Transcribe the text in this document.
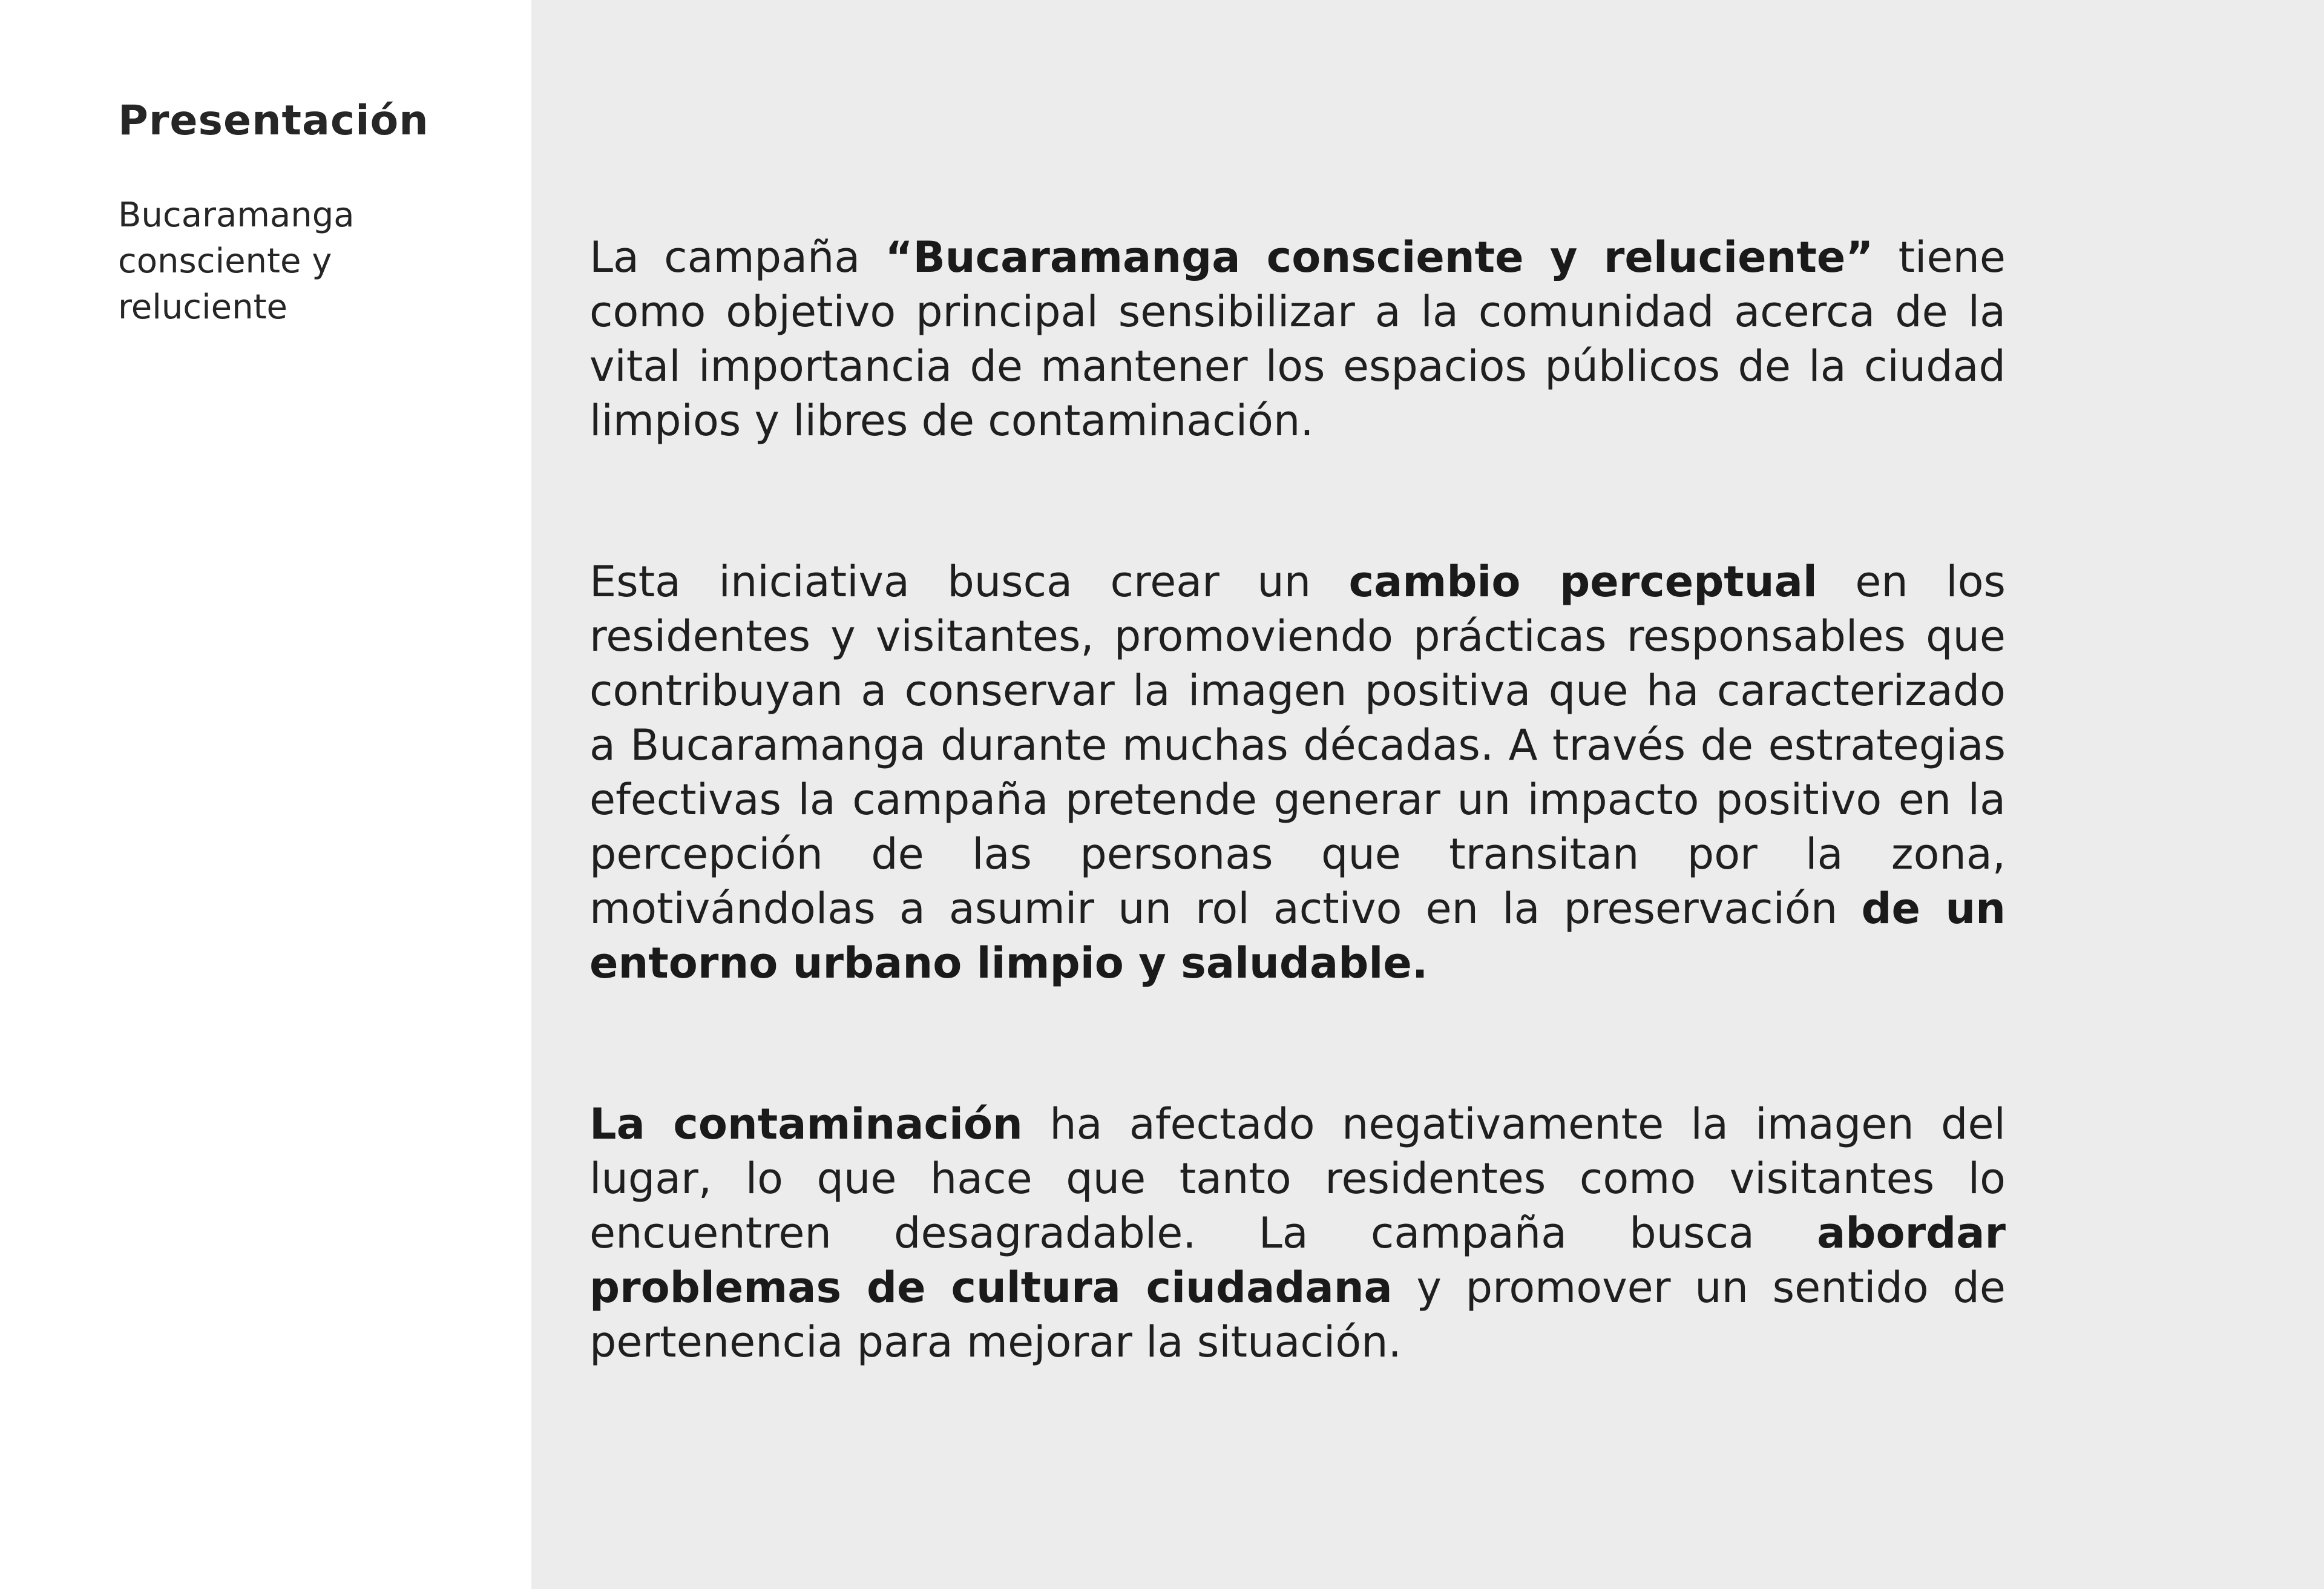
Presentación

Bucaramanga consciente y reluciente

La campaña “Bucaramanga consciente y reluciente” tiene como objetivo principal sensibilizar a la comunidad acerca de la vital importancia de mantener los espacios públicos de la ciudad limpios y libres de contaminación.

Esta iniciativa busca crear un cambio perceptual en los residentes y visitantes, promoviendo prácticas responsables que contribuyan a conservar la imagen positiva que ha caracterizado a Bucaramanga durante muchas décadas. A través de estrategias efectivas la campaña pretende generar un impacto positivo en la percepción de las personas que transitan por la zona, motivándolas a asumir un rol activo en la preservación de un entorno urbano limpio y saludable.

La contaminación ha afectado negativamente la imagen del lugar, lo que hace que tanto residentes como visitantes lo encuentren desagradable. La campaña busca abordar problemas de cultura ciudadana y promover un sentido de pertenencia para mejorar la situación.
